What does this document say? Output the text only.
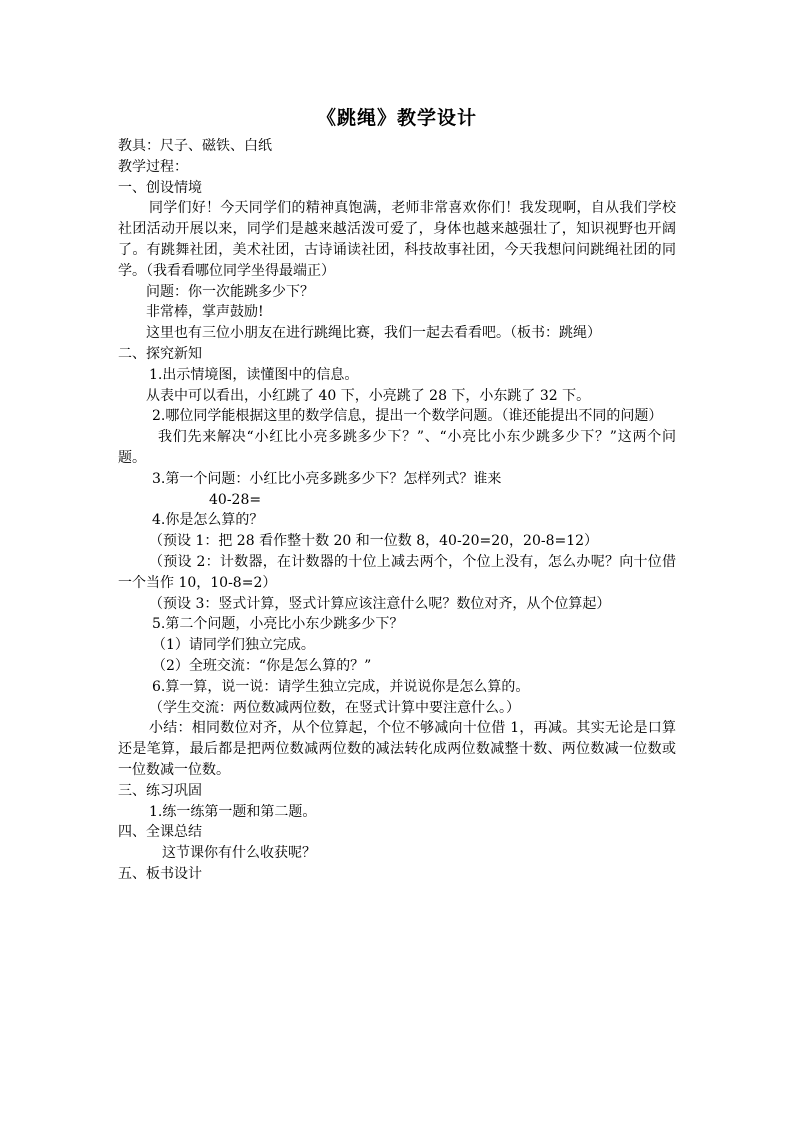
《跳绳》教学设计

教具：尺子、磁铁、白纸

教学过程：

一、创设情境

同学们好！今天同学们的精神真饱满，老师非常喜欢你们！我发现啊，自从我们学校社团活动开展以来，同学们是越来越活泼可爱了，身体也越来越强壮了，知识视野也开阔了。有跳舞社团，美术社团，古诗诵读社团，科技故事社团，今天我想问问跳绳社团的同学。（我看看哪位同学坐得最端正）

问题：你一次能跳多少下？

非常棒，掌声鼓励!

这里也有三位小朋友在进行跳绳比赛，我们一起去看看吧。（板书：跳绳）

二、探究新知

1.出示情境图，读懂图中的信息。

从表中可以看出，小红跳了 40 下，小亮跳了 28 下，小东跳了 32 下。

2.哪位同学能根据这里的数学信息，提出一个数学问题。（谁还能提出不同的问题）

我们先来解决“小红比小亮多跳多少下？”、“小亮比小东少跳多少下？”这两个问题。

3.第一个问题：小红比小亮多跳多少下？怎样列式？谁来

40-28=

4.你是怎么算的？

（预设 1：把 28 看作整十数 20 和一位数 8，40-20=20，20-8=12）

（预设 2：计数器，在计数器的十位上减去两个，个位上没有，怎么办呢？向十位借一个当作 10，10-8=2）

（预设 3：竖式计算，竖式计算应该注意什么呢？数位对齐，从个位算起）

5.第二个问题，小亮比小东少跳多少下？

（1）请同学们独立完成。

（2）全班交流：“你是怎么算的？”

6.算一算，说一说：请学生独立完成，并说说你是怎么算的。

（学生交流：两位数减两位数，在竖式计算中要注意什么。）

小结：相同数位对齐，从个位算起，个位不够减向十位借 1，再减。其实无论是口算还是笔算，最后都是把两位数减两位数的减法转化成两位数减整十数、两位数减一位数或一位数减一位数。

三、练习巩固

1.练一练第一题和第二题。

四、全课总结

这节课你有什么收获呢？

五、板书设计
